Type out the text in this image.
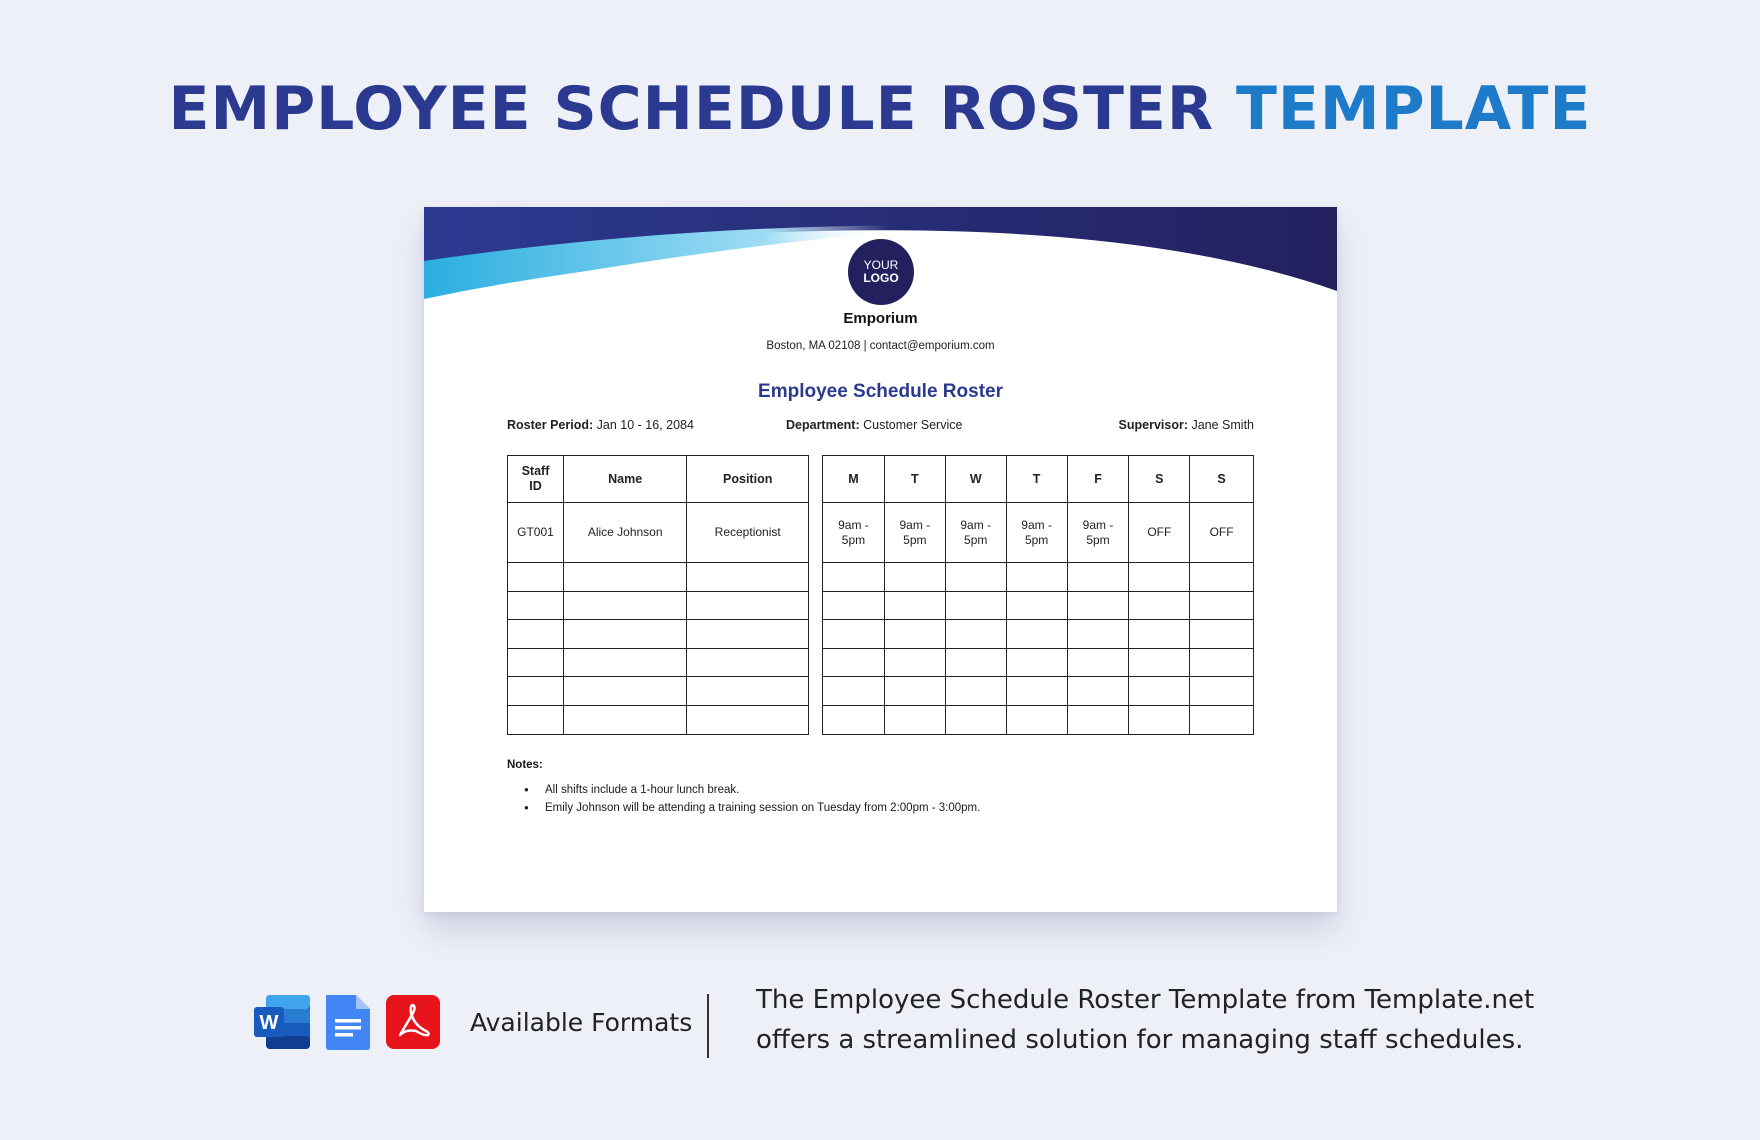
EMPLOYEE SCHEDULE ROSTER TEMPLATE
YOUR
LOGO
Emporium
Boston, MA 02108 | contact@emporium.com
Employee Schedule Roster
Roster Period: Jan 10 - 16, 2084	Department: Customer Service	Supervisor: Jane Smith
Staff ID	Name	Position
GT001	Alice Johnson	Receptionist

M	T	W	T	F	S	S
9am - 5pm	9am - 5pm	9am - 5pm	9am - 5pm	9am - 5pm	OFF	OFF

Notes:
● All shifts include a 1-hour lunch break.
● Emily Johnson will be attending a training session on Tuesday from 2:00pm - 3:00pm.
W	Available Formats
The Employee Schedule Roster Template from Template.net offers a streamlined solution for managing staff schedules.
